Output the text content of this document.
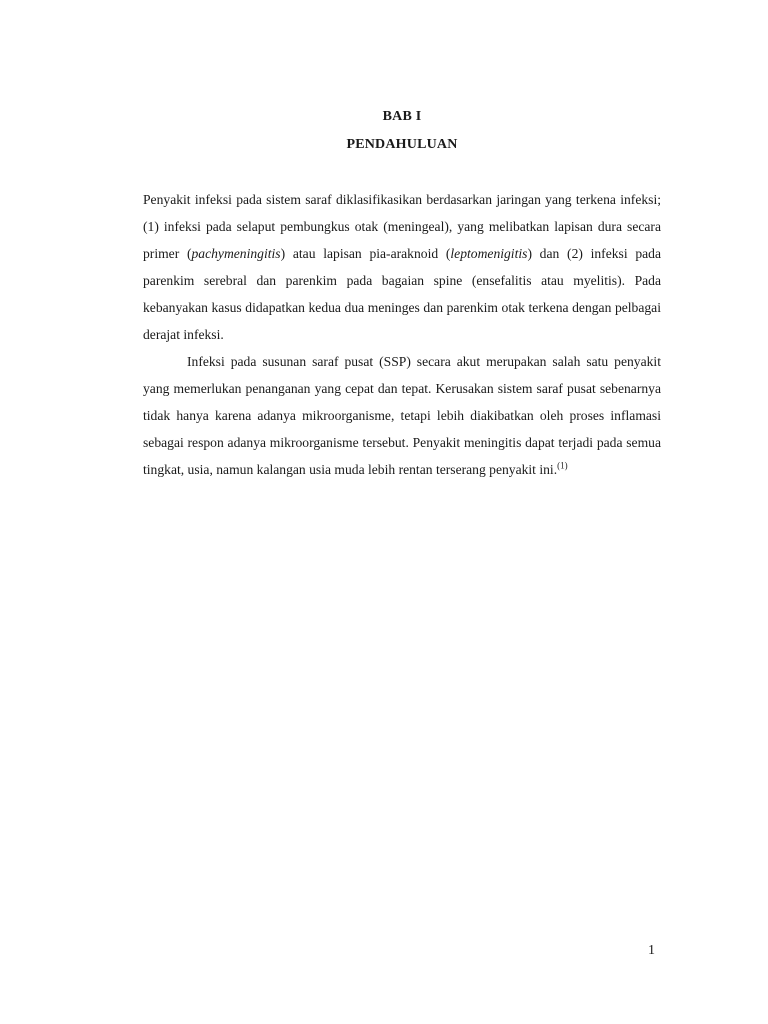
BAB I
PENDAHULUAN

Penyakit infeksi pada sistem saraf diklasifikasikan berdasarkan jaringan yang terkena infeksi; (1) infeksi pada selaput pembungkus otak (meningeal), yang melibatkan lapisan dura secara primer (pachymeningitis) atau lapisan pia-araknoid (leptomenigitis) dan (2) infeksi pada parenkim serebral dan parenkim pada bagaian spine (ensefalitis atau myelitis). Pada kebanyakan kasus didapatkan kedua dua meninges dan parenkim otak terkena dengan pelbagai derajat infeksi.

Infeksi pada susunan saraf pusat (SSP) secara akut merupakan salah satu penyakit yang memerlukan penanganan yang cepat dan tepat. Kerusakan sistem saraf pusat sebenarnya tidak hanya karena adanya mikroorganisme, tetapi lebih diakibatkan oleh proses inflamasi sebagai respon adanya mikroorganisme tersebut. Penyakit meningitis dapat terjadi pada semua tingkat, usia, namun kalangan usia muda lebih rentan terserang penyakit ini.$^{(1)}$

1
